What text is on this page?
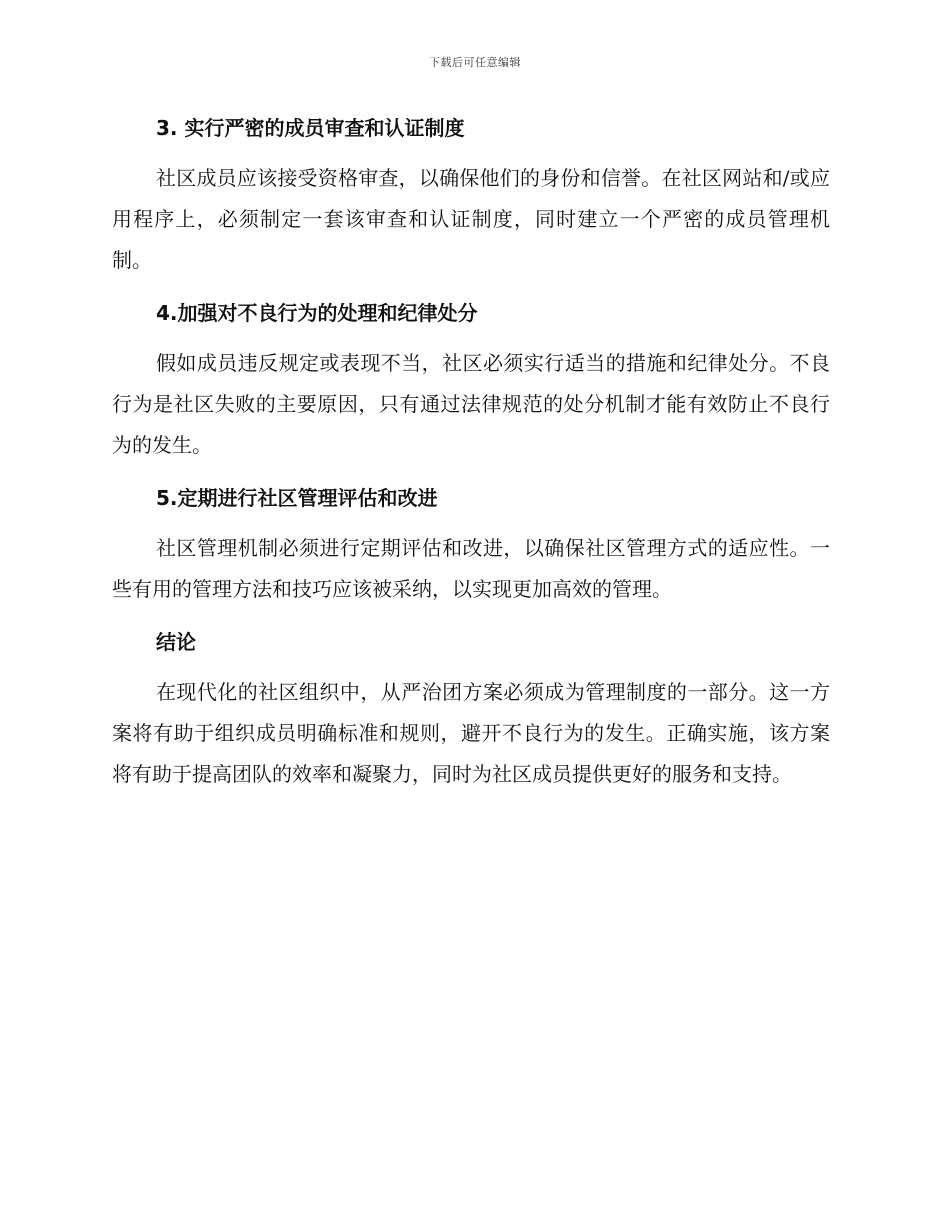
下载后可任意编辑
3. 实行严密的成员审查和认证制度

社区成员应该接受资格审查，以确保他们的身份和信誉。在社区网站和/或应用程序上，必须制定一套该审查和认证制度，同时建立一个严密的成员管理机制。

4.加强对不良行为的处理和纪律处分

假如成员违反规定或表现不当，社区必须实行适当的措施和纪律处分。不良行为是社区失败的主要原因，只有通过法律规范的处分机制才能有效防止不良行为的发生。

5.定期进行社区管理评估和改进

社区管理机制必须进行定期评估和改进，以确保社区管理方式的适应性。一些有用的管理方法和技巧应该被采纳，以实现更加高效的管理。

结论

在现代化的社区组织中，从严治团方案必须成为管理制度的一部分。这一方案将有助于组织成员明确标准和规则，避开不良行为的发生。正确实施，该方案将有助于提高团队的效率和凝聚力，同时为社区成员提供更好的服务和支持。
